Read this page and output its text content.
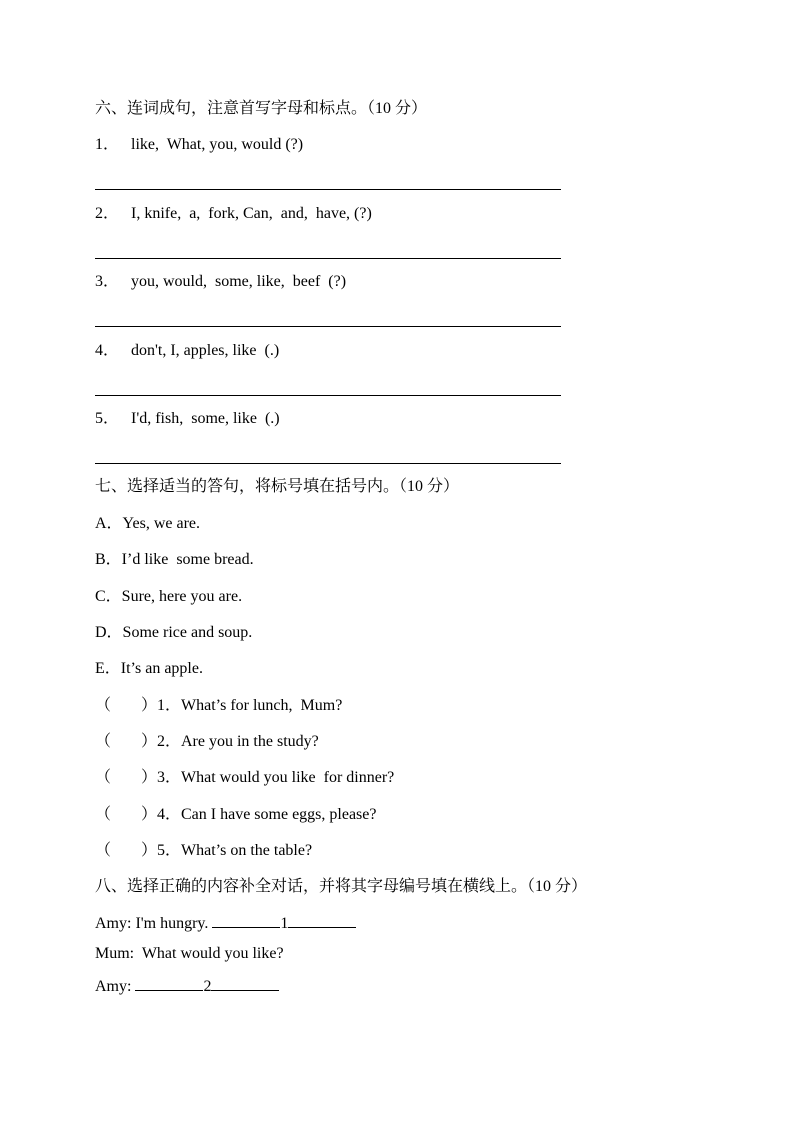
六、连词成句，注意首写字母和标点。（10 分）
1． like,  What, you, would (?)
2． I, knife,  a,  fork, Can,  and,  have, (?)
3． you, would,  some, like,  beef  (?)
4． don't, I, apples, like  (.)
5． I'd, fish,  some, like  (.)
七、选择适当的答句，将标号填在括号内。（10 分）
A．Yes, we are.
B．I’d like  some bread.
C．Sure, here you are.
D．Some rice and soup.
E．It’s an apple.
（ ）1．What’s for lunch,  Mum?
（ ）2．Are you in the study?
（ ）3．What would you like  for dinner?
（ ）4．Can I have some eggs, please?
（ ）5．What’s on the table?
八、选择正确的内容补全对话，并将其字母编号填在横线上。（10 分）
Amy: I'm hungry.	1
Mum:  What would you like?
Amy:	2
